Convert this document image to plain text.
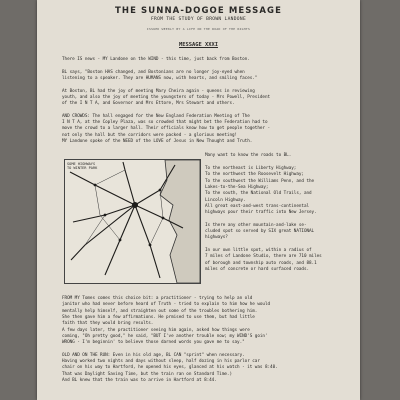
THE SUNNA-DOGOE MESSAGE
FROM THE STUDY OF BROWN LANDONE
ISSUED WEEKLY BY A LIFE ON THE ROAD OF THE RIGHTS
MESSAGE XXXI
There IS news - MY Landone on the WIND - this time, just back from Boston.
BL says, "Boston HAS changed, and Bostonians are no longer joy-eyed when
listening to a speaker. They are HUMANS now, with hearts, and smiling faces."
At Boston, BL had the joy of meeting Mary Cheira again - queens in reviewing
youth, and also the joy of meeting the youngsters of today - Mrs Powell, President
of the I N T A, and Governor and Mrs Ettore, Mrs Stewart and others.
AND CROWDS: The hall engaged for the New England Federation Meeting of The
I N T A, at the Copley Plaza, was so crowded that might bet the Federation had to
move the crowd to a larger hall. Their officials know how to get people together -
not only the hall but the corridors were packed - a glorious meeting!
MY Landone spoke of the NEED of the LOVE of Jesus in New Thought and Truth.
Many want to know the roads to BL.
SOME HIGHWAYS
TO WINTER PARK	To the northeast is Liberty Highway;
To the northwest the Roosevelt Highway;
To the southwest the Williams Penn, and the
Lakes-to-the-Sea Highway;
To the south, the National Old Trails, and
Lincoln Highway.
All great east-and-west trans-continental
highways pour their traffic into New Jersey.
Is there any other mountain-and-lake se-
cluded spot so served by SIX great NATIONAL
highways?
In our own little spot, within a radius of
7 miles of Landone Studio, there are 710 miles
of borough and township auto roads, and 88.1
miles of concrete or hard surfaced roads.
FROM MY Tomes comes this choice bit: a practitioner - trying to help an old
janitor who had never before heard of Truth - tried to explain to him how he would
mentally help himself, and straighten out some of the troubles bothering him.
She then gave him a few affirmations. He prmised to use them, but had little
faith that they would bring results.
A few days later, the practitioner seeing him again, asked how things were
coming, "Oh pretty good," he said, "BUT I've another trouble now; my WIND'S goin'
WRONG - I'm beginnin' to believe those darned words you gave me to say."
OLD AND ON THE RUN: Even in his old age, BL CAN "sprint" when necessary.
Having worked two nights and days without sleep, half dozing in his parlor car
chair on his way to Hartford, he opened his eyes, glanced at his watch - it was 8:40.
That was Daylight Saving Time, but the train ran on Standard Time.)
And BL knew that the train was to arrive in Hartford at 8:44.
